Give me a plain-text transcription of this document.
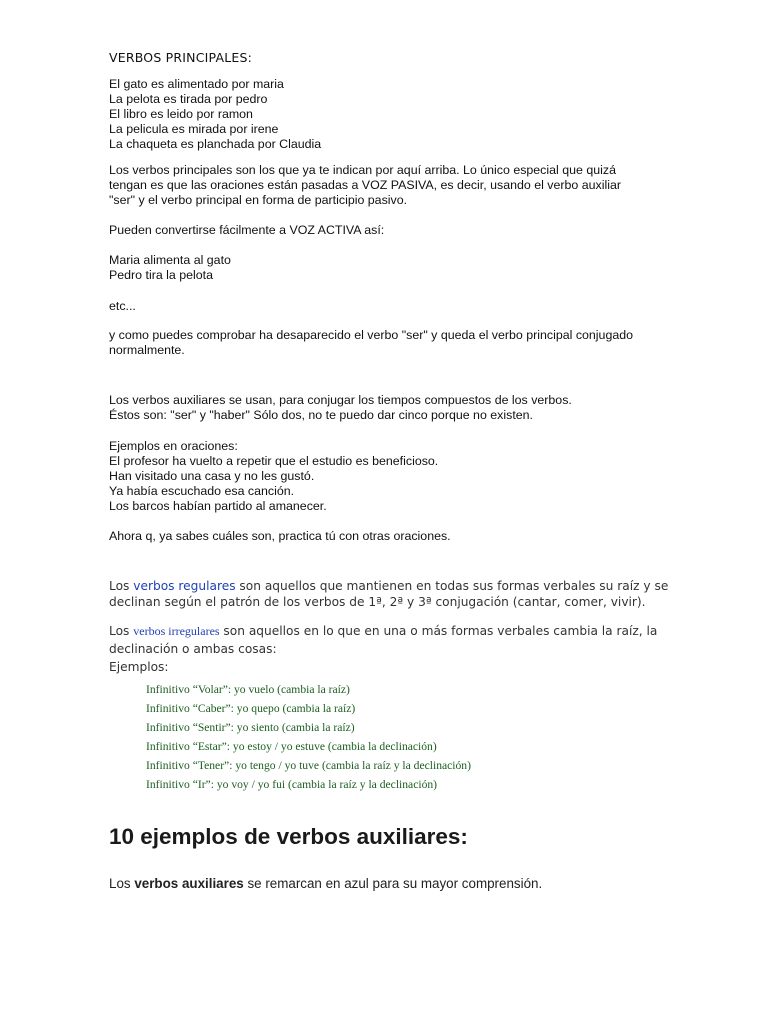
VERBOS PRINCIPALES:

El gato es alimentado por maria
La pelota es tirada por pedro
El libro es leido por ramon
La pelicula es mirada por irene
La chaqueta es planchada por Claudia
Los verbos principales son los que ya te indican por aquí arriba. Lo único especial que quizá
tengan es que las oraciones están pasadas a VOZ PASIVA, es decir, usando el verbo auxiliar
"ser" y el verbo principal en forma de participio pasivo.
Pueden convertirse fácilmente a VOZ ACTIVA así:
Maria alimenta al gato
Pedro tira la pelota
etc...
y como puedes comprobar ha desaparecido el verbo "ser" y queda el verbo principal conjugado
normalmente.
Los verbos auxiliares se usan, para conjugar los tiempos compuestos de los verbos.
Éstos son: "ser" y "haber" Sólo dos, no te puedo dar cinco porque no existen.
Ejemplos en oraciones:
El profesor ha vuelto a repetir que el estudio es beneficioso.
Han visitado una casa y no les gustó.
Ya había escuchado esa canción.
Los barcos habían partido al amanecer.
Ahora q, ya sabes cuáles son, practica tú con otras oraciones.
Los verbos regulares son aquellos que mantienen en todas sus formas verbales su raíz y se
declinan según el patrón de los verbos de 1ª, 2ª y 3ª conjugación (cantar, comer, vivir).
Los verbos irregulares son aquellos en lo que en una o más formas verbales cambia la raíz, la
declinación o ambas cosas:
Ejemplos:
Infinitivo “Volar”: yo vuelo (cambia la raíz)
Infinitivo “Caber”: yo quepo (cambia la raíz)
Infinitivo “Sentir”: yo siento (cambia la raíz)
Infinitivo “Estar”: yo estoy / yo estuve (cambia la declinación)
Infinitivo “Tener”: yo tengo / yo tuve (cambia la raíz y la declinación)
Infinitivo “Ir”: yo voy / yo fui (cambia la raíz y la declinación)
10 ejemplos de verbos auxiliares:

Los verbos auxiliares se remarcan en azul para su mayor comprensión.
